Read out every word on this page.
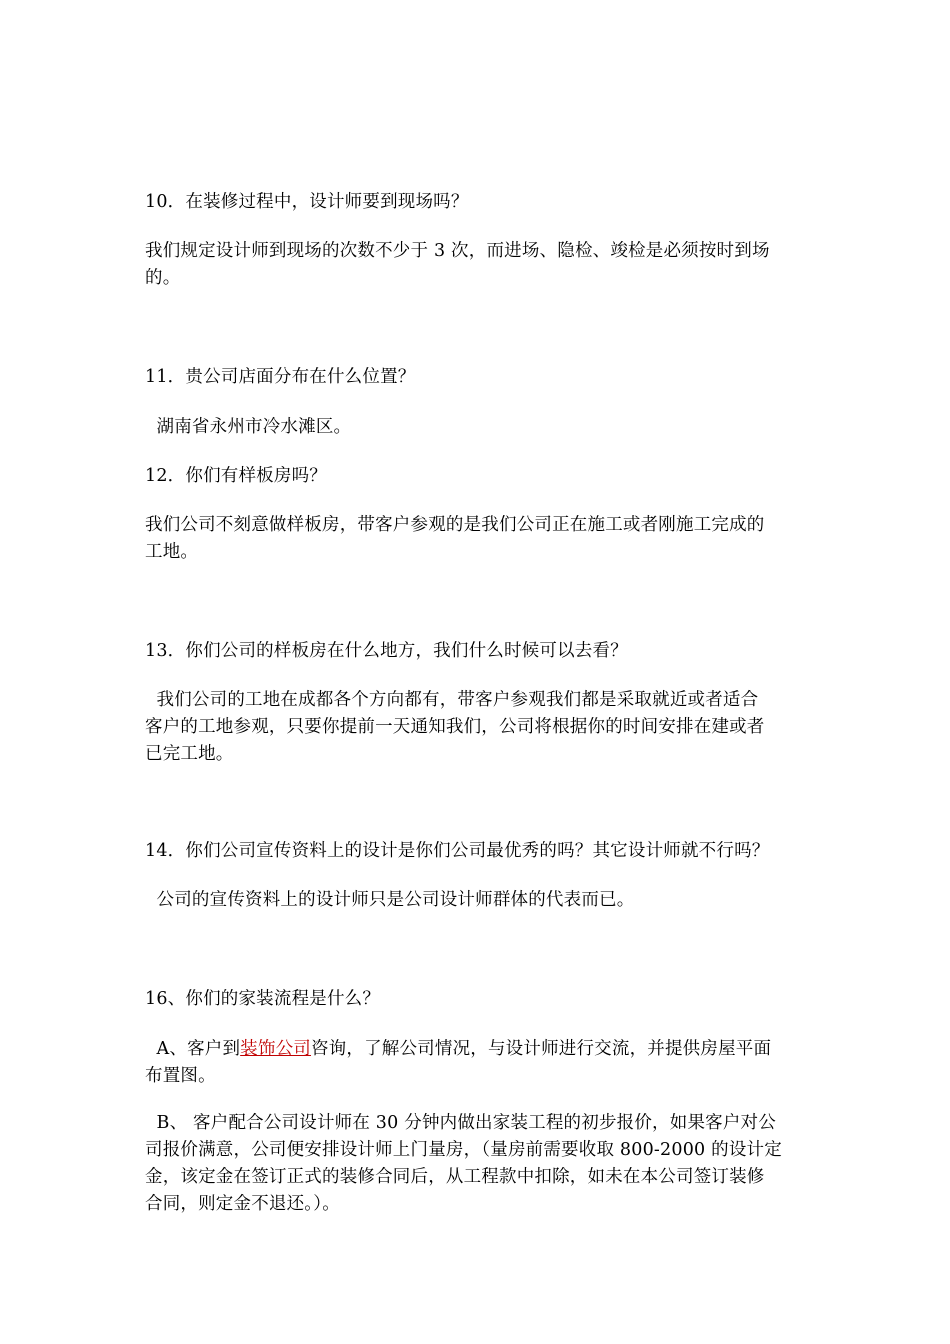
10．在装修过程中，设计师要到现场吗？
我们规定设计师到现场的次数不少于 3 次，而进场、隐检、竣检是必须按时到场
的。
11．贵公司店面分布在什么位置？
湖南省永州市冷水滩区。
12．你们有样板房吗？
我们公司不刻意做样板房，带客户参观的是我们公司正在施工或者刚施工完成的
工地。
13．你们公司的样板房在什么地方，我们什么时候可以去看？
我们公司的工地在成都各个方向都有，带客户参观我们都是采取就近或者适合
客户的工地参观，只要你提前一天通知我们，公司将根据你的时间安排在建或者
已完工地。
14．你们公司宣传资料上的设计是你们公司最优秀的吗？其它设计师就不行吗？
公司的宣传资料上的设计师只是公司设计师群体的代表而已。
16、你们的家装流程是什么？
A、客户到装饰公司咨询，了解公司情况，与设计师进行交流，并提供房屋平面
布置图。
B、 客户配合公司设计师在 30 分钟内做出家装工程的初步报价，如果客户对公
司报价满意，公司便安排设计师上门量房，（量房前需要收取 800-2000 的设计定
金，该定金在签订正式的装修合同后，从工程款中扣除，如未在本公司签订装修
合同，则定金不退还。）。
